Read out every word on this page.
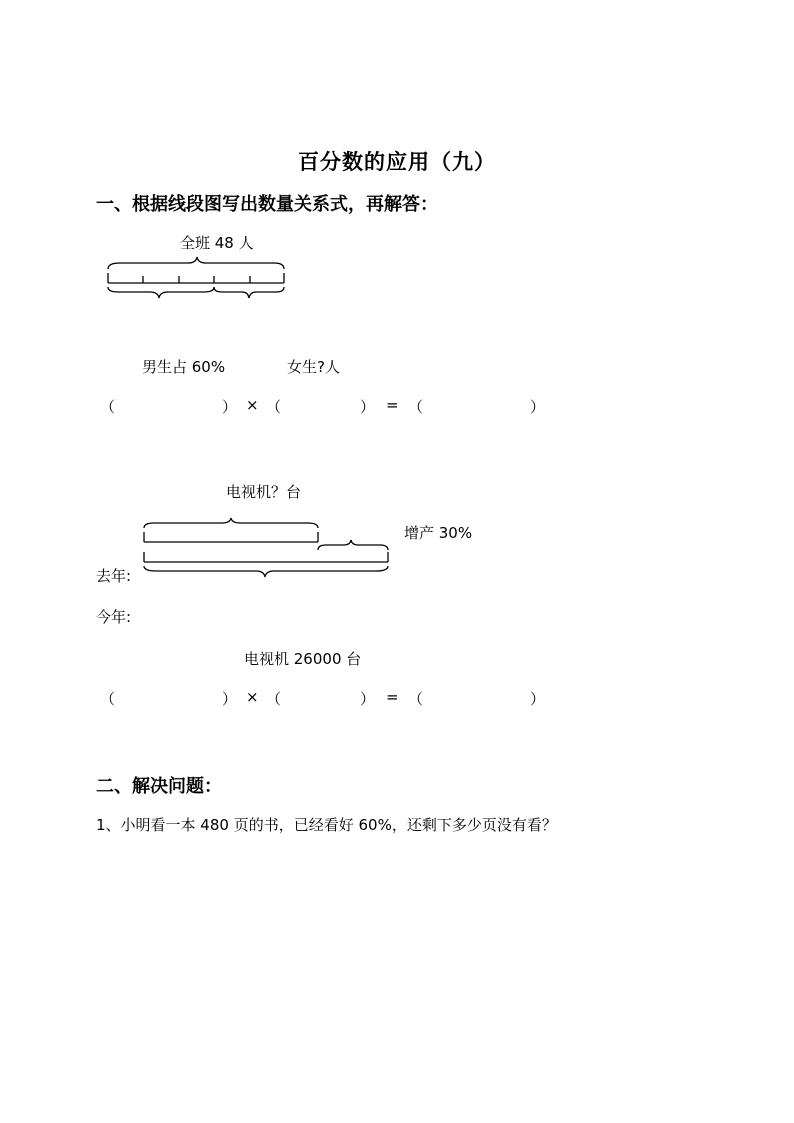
百分数的应用（九）
一、根据线段图写出数量关系式，再解答：
全班 48 人
男生占 60%	女生?人
（	） × （	） = （	）
电视机？台
增产 30%
去年:
今年:
电视机 26000 台
（	） × （	） = （	）
二、解决问题：
1、小明看一本 480 页的书，已经看好 60%，还剩下多少页没有看？
